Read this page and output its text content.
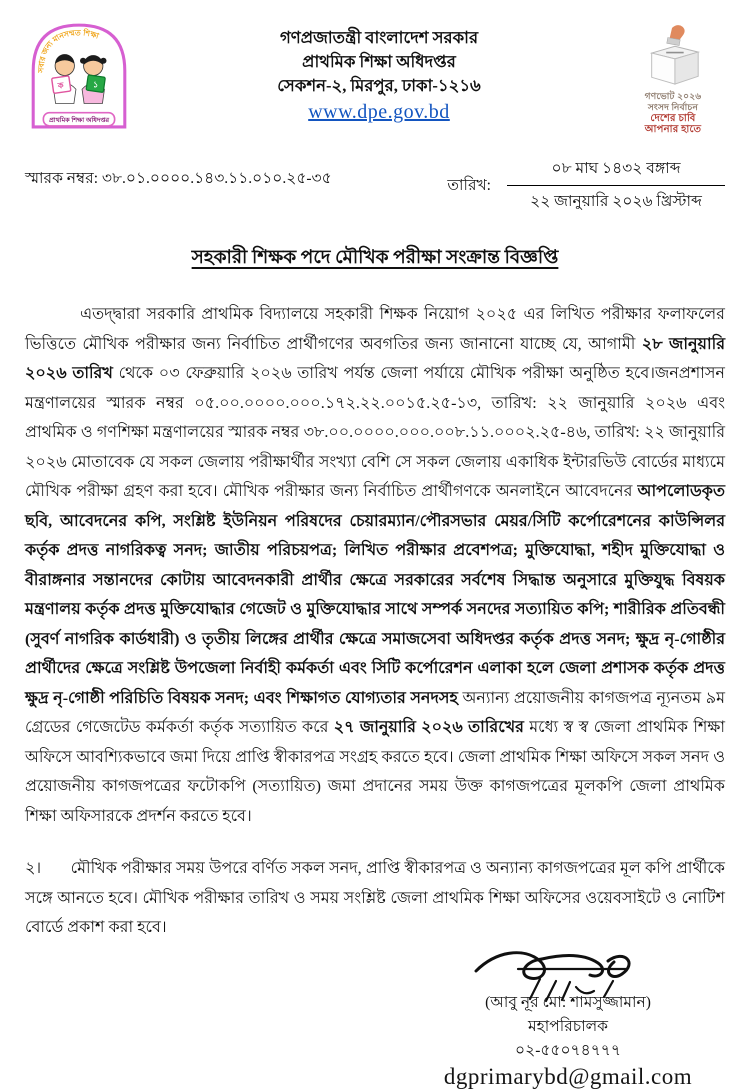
সবার জন্য মানসম্মত শিক্ষা
ক	১
প্রাথমিক শিক্ষা অধিদপ্তর
গণপ্রজাতন্ত্রী বাংলাদেশ সরকার
প্রাথমিক শিক্ষা অধিদপ্তর
সেকশন-২, মিরপুর, ঢাকা-১২১৬
www.dpe.gov.bd
গণভোট ২০২৬
সংসদ নির্বাচন
দেশের চাবি
আপনার হাতে
স্মারক নম্বর: ৩৮.০১.০০০০.১৪৩.১১.০১০.২৫-৩৫	তারিখ:
০৮ মাঘ ১৪৩২ বঙ্গাব্দ
২২ জানুয়ারি ২০২৬ খ্রিস্টাব্দ
সহকারী শিক্ষক পদে মৌখিক পরীক্ষা সংক্রান্ত বিজ্ঞপ্তি

এতদ্দ্বারা সরকারি প্রাথমিক বিদ্যালয়ে সহকারী শিক্ষক নিয়োগ ২০২৫ এর লিখিত পরীক্ষার ফলাফলের ভিত্তিতে মৌখিক পরীক্ষার জন্য নির্বাচিত প্রার্থীগণের অবগতির জন্য জানানো যাচ্ছে যে, আগামী ২৮ জানুয়ারি ২০২৬ তারিখ থেকে ০৩ ফেব্রুয়ারি ২০২৬ তারিখ পর্যন্ত জেলা পর্যায়ে মৌখিক পরীক্ষা অনুষ্ঠিত হবে।জনপ্রশাসন মন্ত্রণালয়ের স্মারক নম্বর ০৫.০০.০০০০.০০০.১৭২.২২.০০১৫.২৫-১৩, তারিখ: ২২ জানুয়ারি ২০২৬ এবং প্রাথমিক ও গণশিক্ষা মন্ত্রণালয়ের স্মারক নম্বর ৩৮.০০.০০০০.০০০.০০৮.১১.০০০২.২৫-৪৬, তারিখ: ২২ জানুয়ারি ২০২৬ মোতাবেক যে সকল জেলায় পরীক্ষার্থীর সংখ্যা বেশি সে সকল জেলায় একাধিক ইন্টারভিউ বোর্ডের মাধ্যমে মৌখিক পরীক্ষা গ্রহণ করা হবে। মৌখিক পরীক্ষার জন্য নির্বাচিত প্রার্থীগণকে অনলাইনে আবেদনের আপলোডকৃত ছবি, আবেদনের কপি, সংশ্লিষ্ট ইউনিয়ন পরিষদের চেয়ারম্যান/পৌরসভার মেয়র/সিটি কর্পোরেশনের কাউন্সিলর কর্তৃক প্রদত্ত নাগরিকত্ব সনদ; জাতীয় পরিচয়পত্র; লিখিত পরীক্ষার প্রবেশপত্র; মুক্তিযোদ্ধা, শহীদ মুক্তিযোদ্ধা ও বীরাঙ্গনার সন্তানদের কোটায় আবেদনকারী প্রার্থীর ক্ষেত্রে সরকারের সর্বশেষ সিদ্ধান্ত অনুসারে মুক্তিযুদ্ধ বিষয়ক মন্ত্রণালয় কর্তৃক প্রদত্ত মুক্তিযোদ্ধার গেজেট ও মুক্তিযোদ্ধার সাথে সম্পর্ক সনদের সত্যায়িত কপি; শারীরিক প্রতিবন্ধী (সুবর্ণ নাগরিক কার্ডধারী) ও তৃতীয় লিঙ্গের প্রার্থীর ক্ষেত্রে সমাজসেবা অধিদপ্তর কর্তৃক প্রদত্ত সনদ; ক্ষুদ্র নৃ-গোষ্ঠীর প্রার্থীদের ক্ষেত্রে সংশ্লিষ্ট উপজেলা নির্বাহী কর্মকর্তা এবং সিটি কর্পোরেশন এলাকা হলে জেলা প্রশাসক কর্তৃক প্রদত্ত ক্ষুদ্র নৃ-গোষ্ঠী পরিচিতি বিষয়ক সনদ; এবং শিক্ষাগত যোগ্যতার সনদসহ অন্যান্য প্রয়োজনীয় কাগজপত্র ন্যূনতম ৯ম গ্রেডের গেজেটেড কর্মকর্তা কর্তৃক সত্যায়িত করে ২৭ জানুয়ারি ২০২৬ তারিখের মধ্যে স্ব স্ব জেলা প্রাথমিক শিক্ষা অফিসে আবশ্যিকভাবে জমা দিয়ে প্রাপ্তি স্বীকারপত্র সংগ্রহ করতে হবে। জেলা প্রাথমিক শিক্ষা অফিসে সকল সনদ ও প্রয়োজনীয় কাগজপত্রের ফটোকপি (সত্যায়িত) জমা প্রদানের সময় উক্ত কাগজপত্রের মূলকপি জেলা প্রাথমিক শিক্ষা অফিসারকে প্রদর্শন করতে হবে।

২।       মৌখিক পরীক্ষার সময় উপরে বর্ণিত সকল সনদ, প্রাপ্তি স্বীকারপত্র ও অন্যান্য কাগজপত্রের মূল কপি প্রার্থীকে সঙ্গে আনতে হবে। মৌখিক পরীক্ষার তারিখ ও সময় সংশ্লিষ্ট জেলা প্রাথমিক শিক্ষা অফিসের ওয়েবসাইটে ও নোটিশ বোর্ডে প্রকাশ করা হবে।

(আবু নূর মো: শামসুজ্জামান)
মহাপরিচালক
০২-৫৫০৭৪৭৭৭
dgprimarybd@gmail.com
